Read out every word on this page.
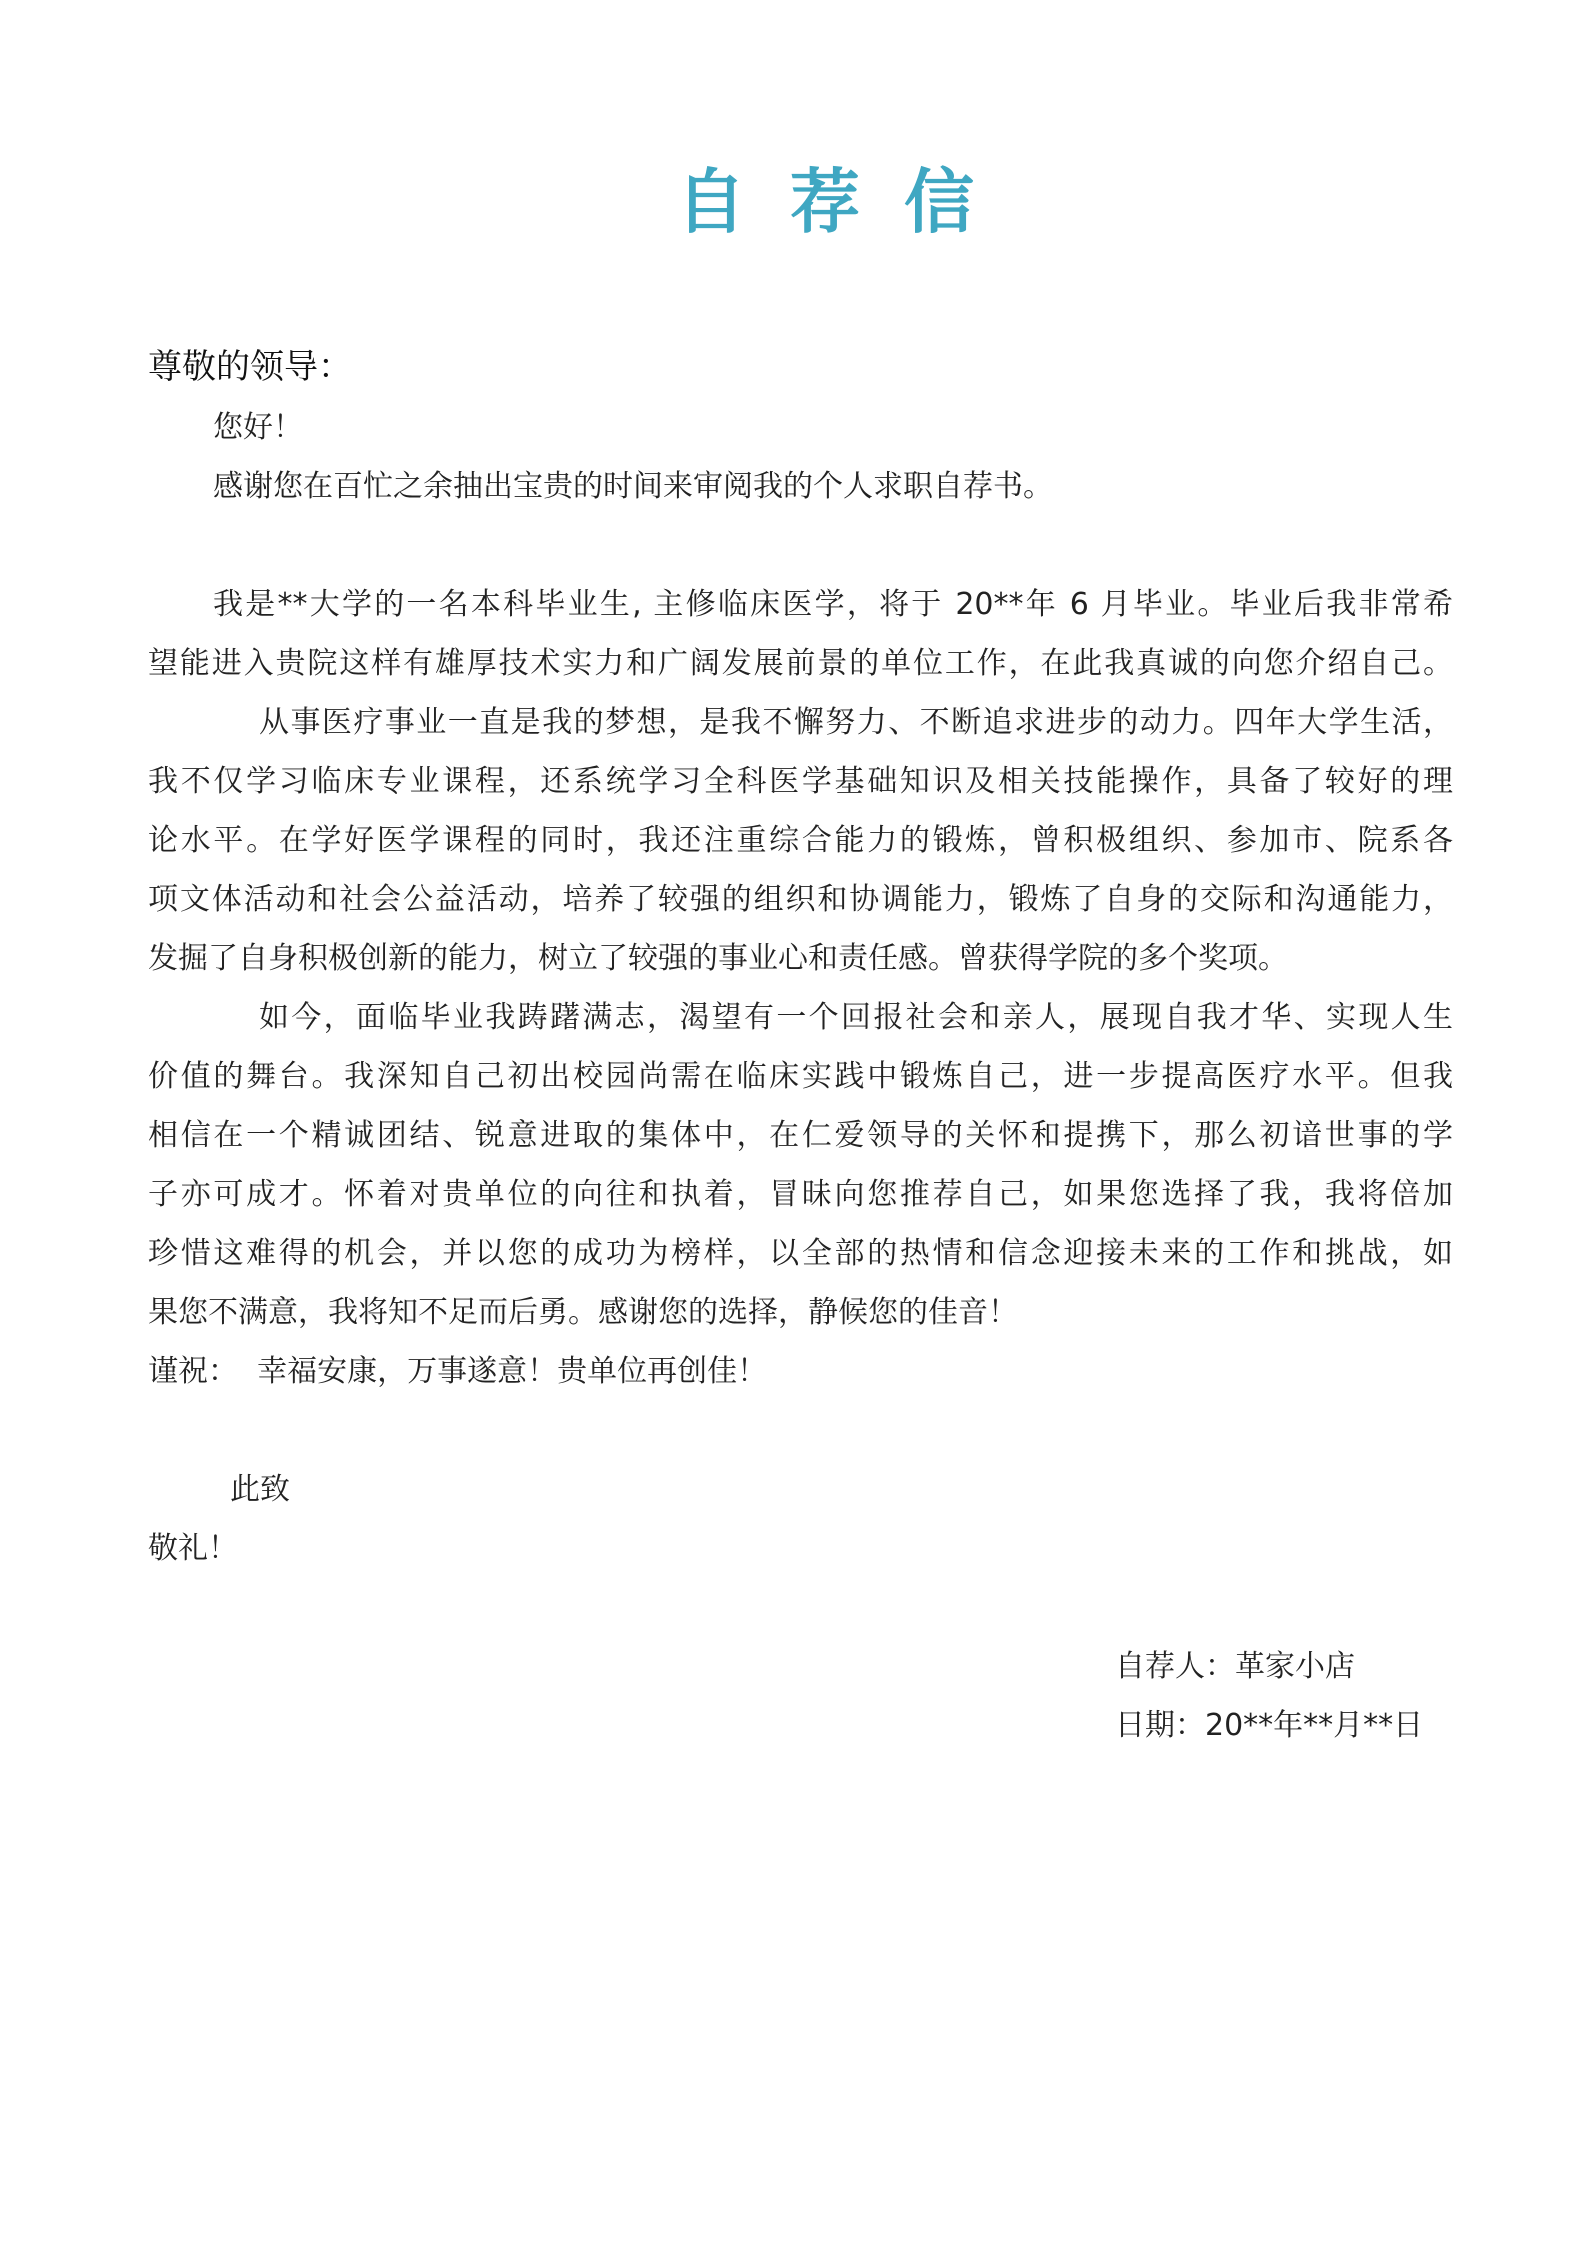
自荐信
尊敬的领导：
您好！
感谢您在百忙之余抽出宝贵的时间来审阅我的个人求职自荐书。
我是**大学的一名本科毕业生, 主修临床医学，将于 20**年 6 月毕业。毕业后我非常希
望能进入贵院这样有雄厚技术实力和广阔发展前景的单位工作，在此我真诚的向您介绍自己。
从事医疗事业一直是我的梦想，是我不懈努力、不断追求进步的动力。四年大学生活，
我不仅学习临床专业课程，还系统学习全科医学基础知识及相关技能操作，具备了较好的理
论水平。在学好医学课程的同时，我还注重综合能力的锻炼，曾积极组织、参加市、院系各
项文体活动和社会公益活动，培养了较强的组织和协调能力，锻炼了自身的交际和沟通能力，
发掘了自身积极创新的能力，树立了较强的事业心和责任感。曾获得学院的多个奖项。
如今，面临毕业我踌躇满志，渴望有一个回报社会和亲人，展现自我才华、实现人生
价值的舞台。我深知自己初出校园尚需在临床实践中锻炼自己，进一步提高医疗水平。但我
相信在一个精诚团结、锐意进取的集体中，在仁爱领导的关怀和提携下，那么初谙世事的学
子亦可成才。怀着对贵单位的向往和执着，冒昧向您推荐自己，如果您选择了我，我将倍加
珍惜这难得的机会，并以您的成功为榜样，以全部的热情和信念迎接未来的工作和挑战，如
果您不满意，我将知不足而后勇。感谢您的选择，静候您的佳音！
谨祝：  幸福安康，万事遂意！贵单位再创佳！
此致
敬礼！
自荐人：革家小店
日期：20**年**月**日
